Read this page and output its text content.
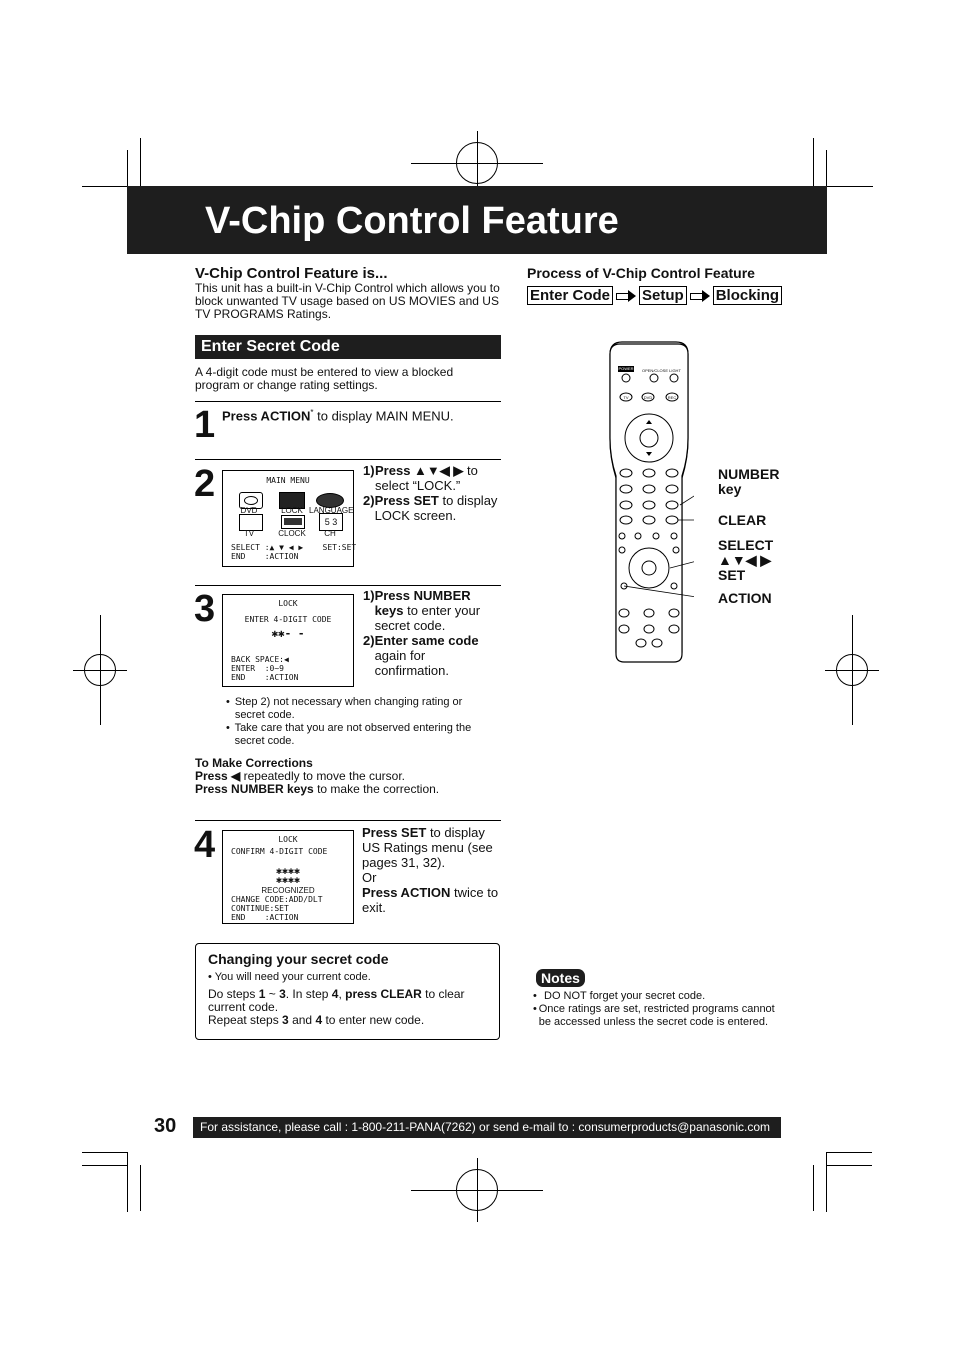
V-Chip Control Feature
V-Chip Control Feature is...
This unit has a built-in V-Chip Control which allows you to block unwanted TV usage based on US MOVIES and US TV PROGRAMS Ratings.
Process of V-Chip Control Feature
Enter Code Setup Blocking
Enter Secret Code
A 4-digit code must be entered to view a blocked program or change rating settings.
1 Press ACTION* to display MAIN MENU.
2	MAIN MENU
DVD	LOCK LANGUAGE
5 3
TV	CLOCK	CH
SELECT :▲ ▼ ◀ ▶    SET:SET
END    :ACTION
1) Press ▲▼◀ ▶ to select “LOCK.”
2) Press SET to display LOCK screen.
3	LOCK
ENTER 4-DIGIT CODE
✱✱- -
BACK SPACE:◀
ENTER  :0~9
END    :ACTION
1) Press NUMBER keys to enter your secret code.
2) Enter same code again for confirmation.
• Step 2) not necessary when changing rating or secret code.
• Take care that you are not observed entering the secret code.
To Make Corrections
Press ◀ repeatedly to move the cursor.
Press NUMBER keys to make the correction.
4	LOCK
CONFIRM 4-DIGIT CODE
✱✱✱✱
✱✱✱✱
RECOGNIZED
CHANGE CODE:ADD/DLT
CONTINUE:SET
END    :ACTION
Press SET to display US Ratings menu (see pages 31, 32).
Or
Press ACTION twice to exit.
Changing your secret code
• You will need your current code.
Do steps 1 ~ 3. In step 4, press CLEAR to clear current code.
Repeat steps 3 and 4 to enter new code.
POWER	OPEN/CLOSE LIGHT
TV	DVD	REC
NUMBER key
CLEAR
SELECT ▲▼◀ ▶ SET
ACTION
Notes
• DO NOT forget your secret code.
• Once ratings are set, restricted programs cannot be accessed unless the secret code is entered.
30	For assistance, please call : 1-800-211-PANA(7262) or send e-mail to : consumerproducts@panasonic.com
